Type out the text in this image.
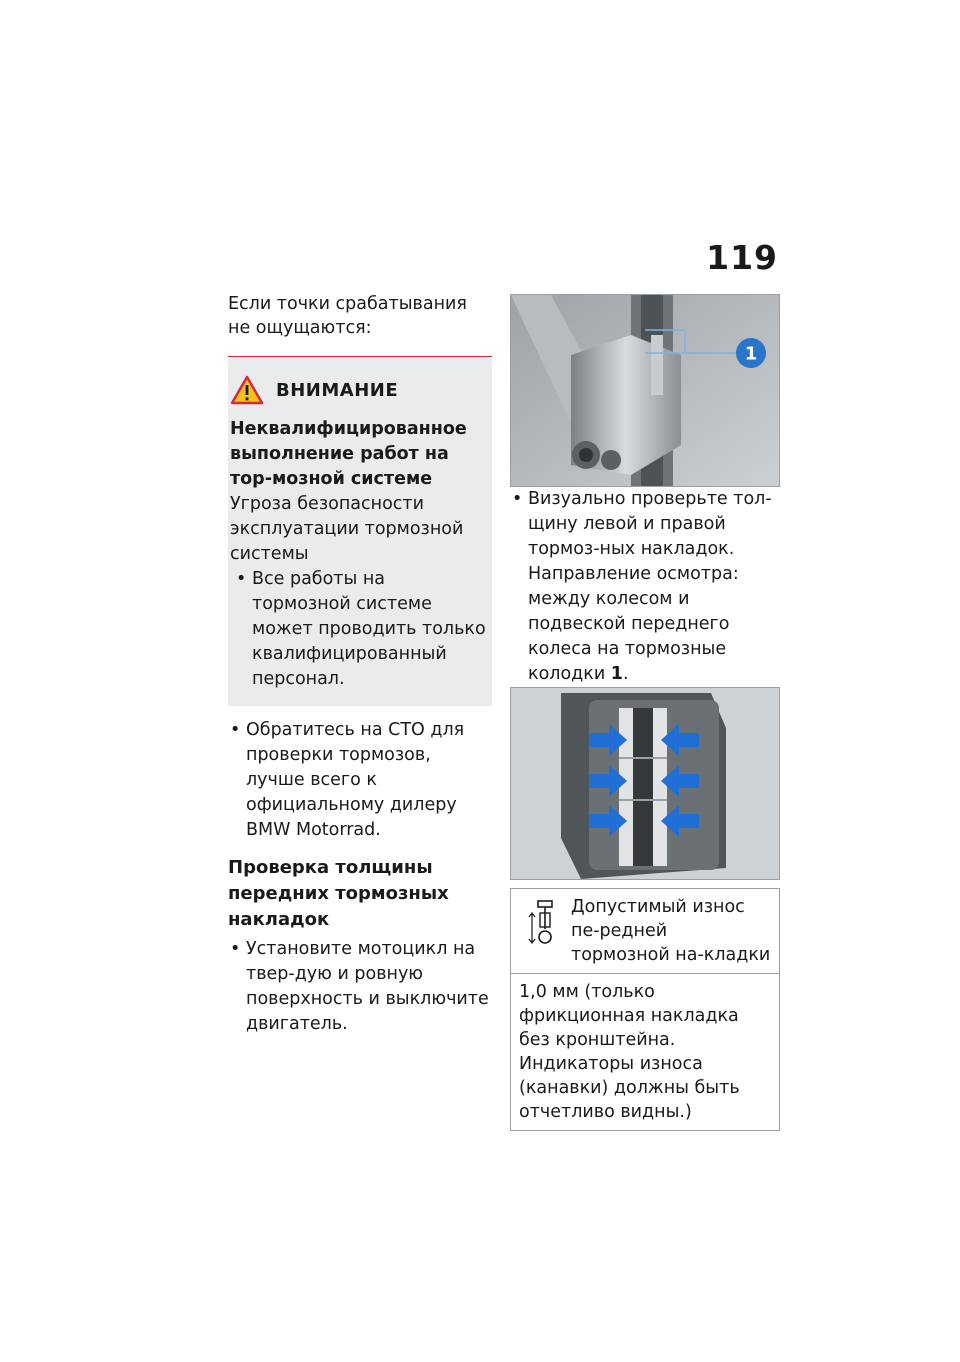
119

Если точки срабатывания не ощущаются:

ВНИМАНИЕ
Неквалифицированное выполнение работ на тор-мозной системе
Угроза безопасности эксплуатации тормозной системы
• Все работы на тормозной системе может проводить только квалифицированный персонал.
• Обратитесь на СТО для проверки тормозов, лучше всего к официальному дилеру BMW Motorrad.
Проверка толщины передних тормозных накладок
• Установите мотоцикл на твер-дую и ровную поверхность и выключите двигатель.
1
• Визуально проверьте тол-щину левой и правой тормоз-ных накладок. Направление осмотра: между колесом и подвеской переднего колеса на тормозные колодки 1.
Допустимый износ пе-редней тормозной на-кладки
1,0 мм (только фрикционная накладка без кронштейна. Индикаторы износа (канавки) должны быть отчетливо видны.)
